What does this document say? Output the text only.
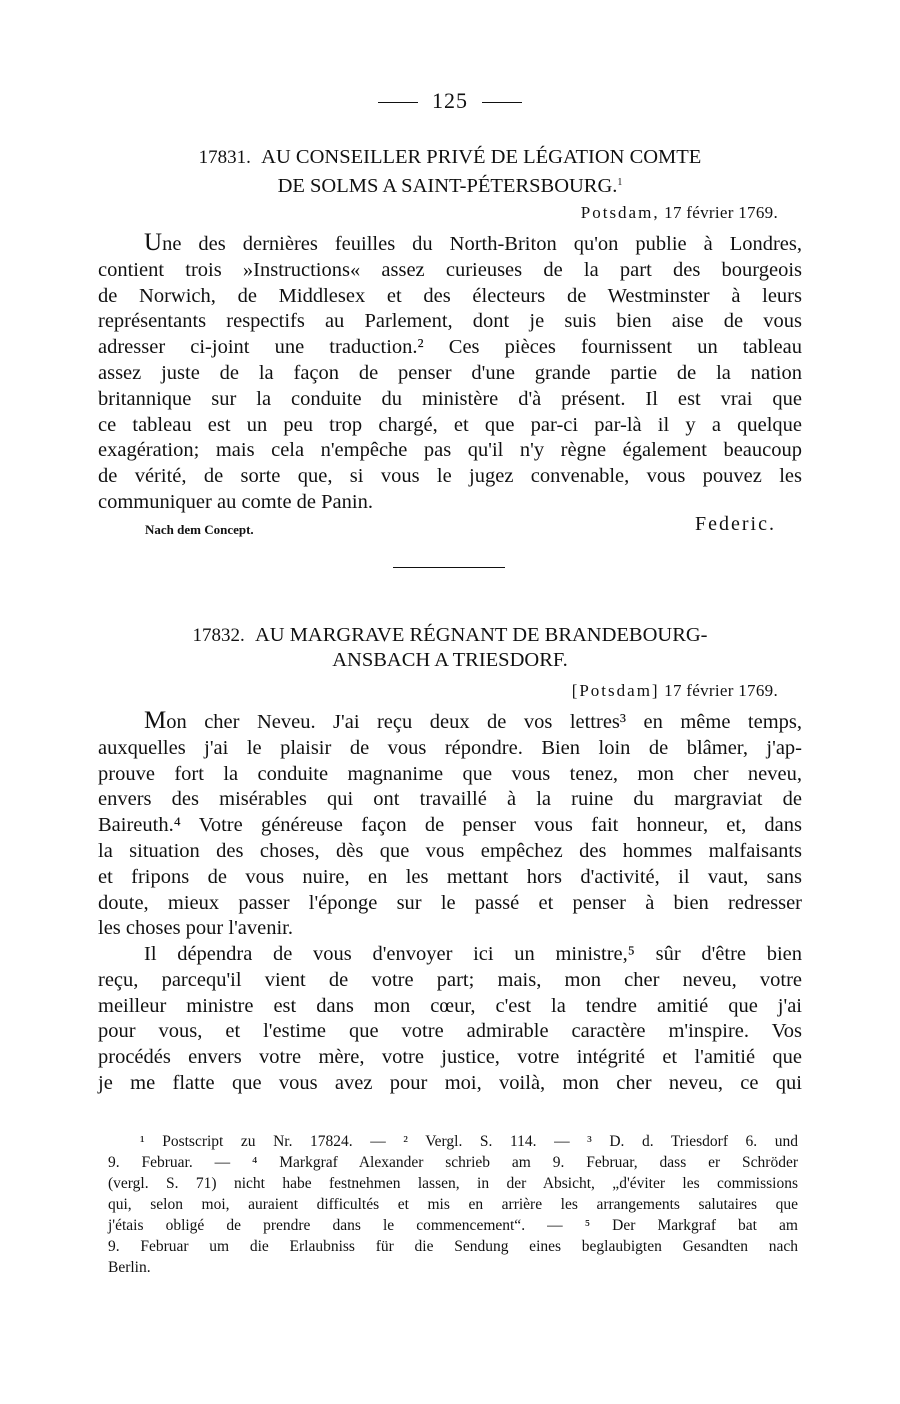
125
17831. AU CONSEILLER PRIVÉ DE LÉGATION COMTE
DE SOLMS A SAINT-PÉTERSBOURG.$^1$
Potsdam, 17 février 1769.
Une des dernières feuilles du North-Briton qu'on publie à Londres,
contient trois »Instructions« assez curieuses de la part des bourgeois
de Norwich, de Middlesex et des électeurs de Westminster à leurs
représentants respectifs au Parlement, dont je suis bien aise de vous
adresser ci-joint une traduction.² Ces pièces fournissent un tableau
assez juste de la façon de penser d'une grande partie de la nation
britannique sur la conduite du ministère d'à présent. Il est vrai que
ce tableau est un peu trop chargé, et que par-ci par-là il y a quelque
exagération; mais cela n'empêche pas qu'il n'y règne également beaucoup
de vérité, de sorte que, si vous le jugez convenable, vous pouvez les
communiquer au comte de Panin.
Nach dem Concept.	Federic.
17832. AU MARGRAVE RÉGNANT DE BRANDEBOURG-
ANSBACH A TRIESDORF.
[Potsdam] 17 février 1769.
Mon cher Neveu. J'ai reçu deux de vos lettres³ en même temps,
auxquelles j'ai le plaisir de vous répondre. Bien loin de blâmer, j'ap-
prouve fort la conduite magnanime que vous tenez, mon cher neveu,
envers des misérables qui ont travaillé à la ruine du margraviat de
Baireuth.⁴ Votre généreuse façon de penser vous fait honneur, et, dans
la situation des choses, dès que vous empêchez des hommes malfaisants
et fripons de vous nuire, en les mettant hors d'activité, il vaut, sans
doute, mieux passer l'éponge sur le passé et penser à bien redresser
les choses pour l'avenir.
Il dépendra de vous d'envoyer ici un ministre,⁵ sûr d'être bien
reçu, parcequ'il vient de votre part; mais, mon cher neveu, votre
meilleur ministre est dans mon cœur, c'est la tendre amitié que j'ai
pour vous, et l'estime que votre admirable caractère m'inspire. Vos
procédés envers votre mère, votre justice, votre intégrité et l'amitié que
je me flatte que vous avez pour moi, voilà, mon cher neveu, ce qui
¹ Postscript zu Nr. 17824. — ² Vergl. S. 114. — ³ D. d. Triesdorf 6. und
9. Februar. — ⁴ Markgraf Alexander schrieb am 9. Februar, dass er Schröder
(vergl. S. 71) nicht habe festnehmen lassen, in der Absicht, „d'éviter les commissions
qui, selon moi, auraient difficultés et mis en arrière les arrangements salutaires que
j'étais obligé de prendre dans le commencement“. — ⁵ Der Markgraf bat am
9. Februar um die Erlaubniss für die Sendung eines beglaubigten Gesandten nach
Berlin.
